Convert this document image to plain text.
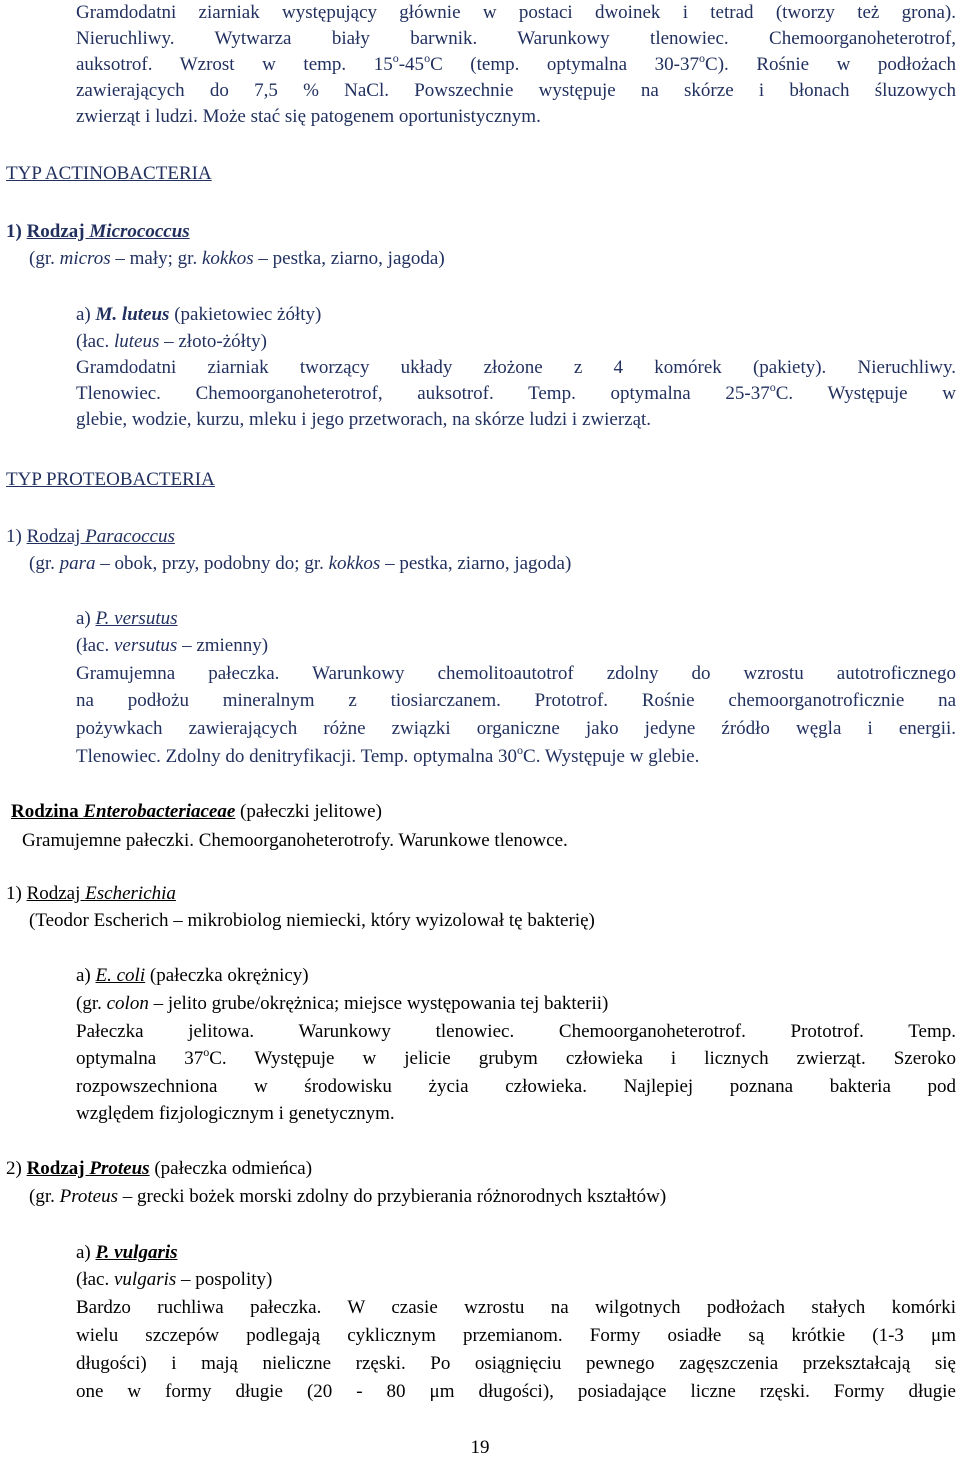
Gramdodatni ziarniak występujący głównie w postaci dwoinek i tetrad (tworzy też grona).
Nieruchliwy. Wytwarza biały barwnik. Warunkowy tlenowiec. Chemoorganoheterotrof,
auksotrof. Wzrost w temp. 15$^o$-45$^o$C (temp. optymalna 30-37$^o$C). Rośnie w podłożach
zawierających do 7,5 % NaCl. Powszechnie występuje na skórze i błonach śluzowych
zwierząt i ludzi. Może stać się patogenem oportunistycznym.
TYP ACTINOBACTERIA
1) Rodzaj Micrococcus
(gr. micros – mały; gr. kokkos – pestka, ziarno, jagoda)
a) M. luteus (pakietowiec żółty)
(łac. luteus – złoto-żółty)
Gramdodatni ziarniak tworzący układy złożone z 4 komórek (pakiety). Nieruchliwy.
Tlenowiec. Chemoorganoheterotrof, auksotrof. Temp. optymalna 25-37$^o$C. Występuje w
glebie, wodzie, kurzu, mleku i jego przetworach, na skórze ludzi i zwierząt.
TYP PROTEOBACTERIA
1) Rodzaj Paracoccus
(gr. para – obok, przy, podobny do; gr. kokkos – pestka, ziarno, jagoda)
a) P. versutus
(łac. versutus – zmienny)
Gramujemna pałeczka. Warunkowy chemolitoautotrof zdolny do wzrostu autotroficznego
na podłożu mineralnym z tiosiarczanem. Prototrof. Rośnie chemoorganotroficznie na
pożywkach zawierających różne związki organiczne jako jedyne źródło węgla i energii.
Tlenowiec. Zdolny do denitryfikacji. Temp. optymalna 30$^o$C. Występuje w glebie.
Rodzina Enterobacteriaceae (pałeczki jelitowe)
Gramujemne pałeczki. Chemoorganoheterotrofy. Warunkowe tlenowce.
1) Rodzaj Escherichia
(Teodor Escherich – mikrobiolog niemiecki, który wyizolował tę bakterię)
a) E. coli (pałeczka okrężnicy)
(gr. colon – jelito grube/okrężnica; miejsce występowania tej bakterii)
Pałeczka jelitowa. Warunkowy tlenowiec. Chemoorganoheterotrof. Prototrof. Temp.
optymalna 37$^o$C. Występuje w jelicie grubym człowieka i licznych zwierząt. Szeroko
rozpowszechniona w środowisku życia człowieka. Najlepiej poznana bakteria pod
względem fizjologicznym i genetycznym.
2) Rodzaj Proteus (pałeczka odmieńca)
(gr. Proteus – grecki bożek morski zdolny do przybierania różnorodnych kształtów)
a) P. vulgaris
(łac. vulgaris – pospolity)
Bardzo ruchliwa pałeczka. W czasie wzrostu na wilgotnych podłożach stałych komórki
wielu szczepów podlegają cyklicznym przemianom. Formy osiadłe są krótkie (1-3 μm
długości) i mają nieliczne rzęski. Po osiągnięciu pewnego zagęszczenia przekształcają się
one w formy długie (20 - 80 μm długości), posiadające liczne rzęski. Formy długie
19
